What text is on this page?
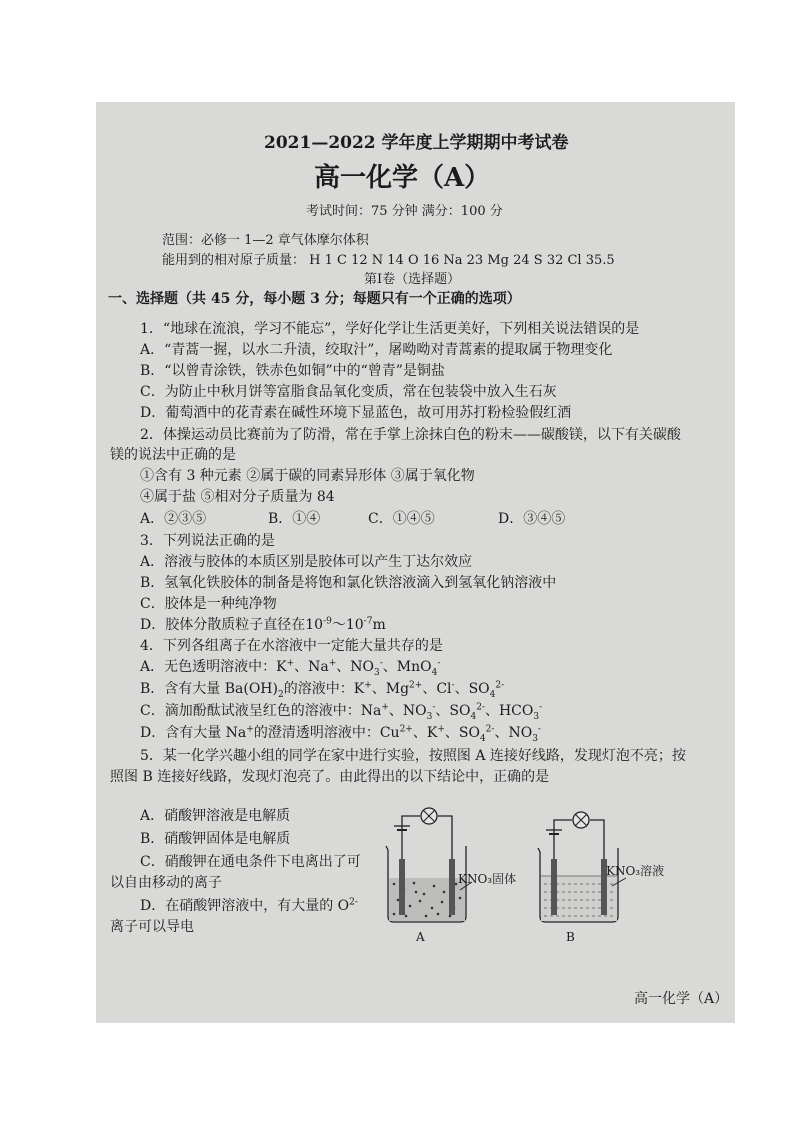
2021—2022 学年度上学期期中考试卷
高一化学（A）
考试时间：75 分钟 满分：100 分
范围：必修一 1—2 章气体摩尔体积
能用到的相对原子质量： H 1 C 12 N 14 O 16 Na 23 Mg 24 S 32 Cl 35.5
第Ⅰ卷（选择题）
一、选择题（共 45 分，每小题 3 分；每题只有一个正确的选项）
1．“地球在流浪，学习不能忘”，学好化学让生活更美好，下列相关说法错误的是
A．“青蒿一握，以水二升渍，绞取汁”，屠呦呦对青蒿素的提取属于物理变化
B．“以曾青涂铁，铁赤色如铜”中的“曾青”是铜盐
C．为防止中秋月饼等富脂食品氧化变质，常在包装袋中放入生石灰
D．葡萄酒中的花青素在碱性环境下显蓝色，故可用苏打粉检验假红酒
2．体操运动员比赛前为了防滑，常在手掌上涂抹白色的粉末——碳酸镁，以下有关碳酸
镁的说法中正确的是
①含有 3 种元素 ②属于碳的同素异形体 ③属于氧化物
④属于盐 ⑤相对分子质量为 84
A．②③⑤	B．①④	C．①④⑤	D．③④⑤
3．下列说法正确的是
A．溶液与胶体的本质区别是胶体可以产生丁达尔效应
B．氢氧化铁胶体的制备是将饱和氯化铁溶液滴入到氢氧化钠溶液中
C．胶体是一种纯净物
D．胶体分散质粒子直径在$10^{-9}\sim 10^{-7}m$
4．下列各组离子在水溶液中一定能大量共存的是
A．无色透明溶液中：K+、Na+、$NO_3^-$、MnO$_4$-
B．含有大量 $Ba(OH)_2$的溶液中：K+、$Mg^{2+}$、Cl-、$SO_4^{2-}$
C．滴加酚酞试液呈红色的溶液中：Na+、$NO_3^-$、$SO_4^{2-}$、$HCO_3^-$
D．含有大量 Na+的澄清透明溶液中：$Cu^{2+}$、K+、$SO_4^{2-}$、$NO_3^-$
5．某一化学兴趣小组的同学在家中进行实验，按照图 A 连接好线路，发现灯泡不亮；按
照图 B 连接好线路，发现灯泡亮了。由此得出的以下结论中，正确的是
A．硝酸钾溶液是电解质
B．硝酸钾固体是电解质
C．硝酸钾在通电条件下电离出了可
以自由移动的离子
D．在硝酸钾溶液中，有大量的 $O^{2-}$
离子可以导电
KNO₃固体
A
KNO₃溶液
B
高一化学（A）
